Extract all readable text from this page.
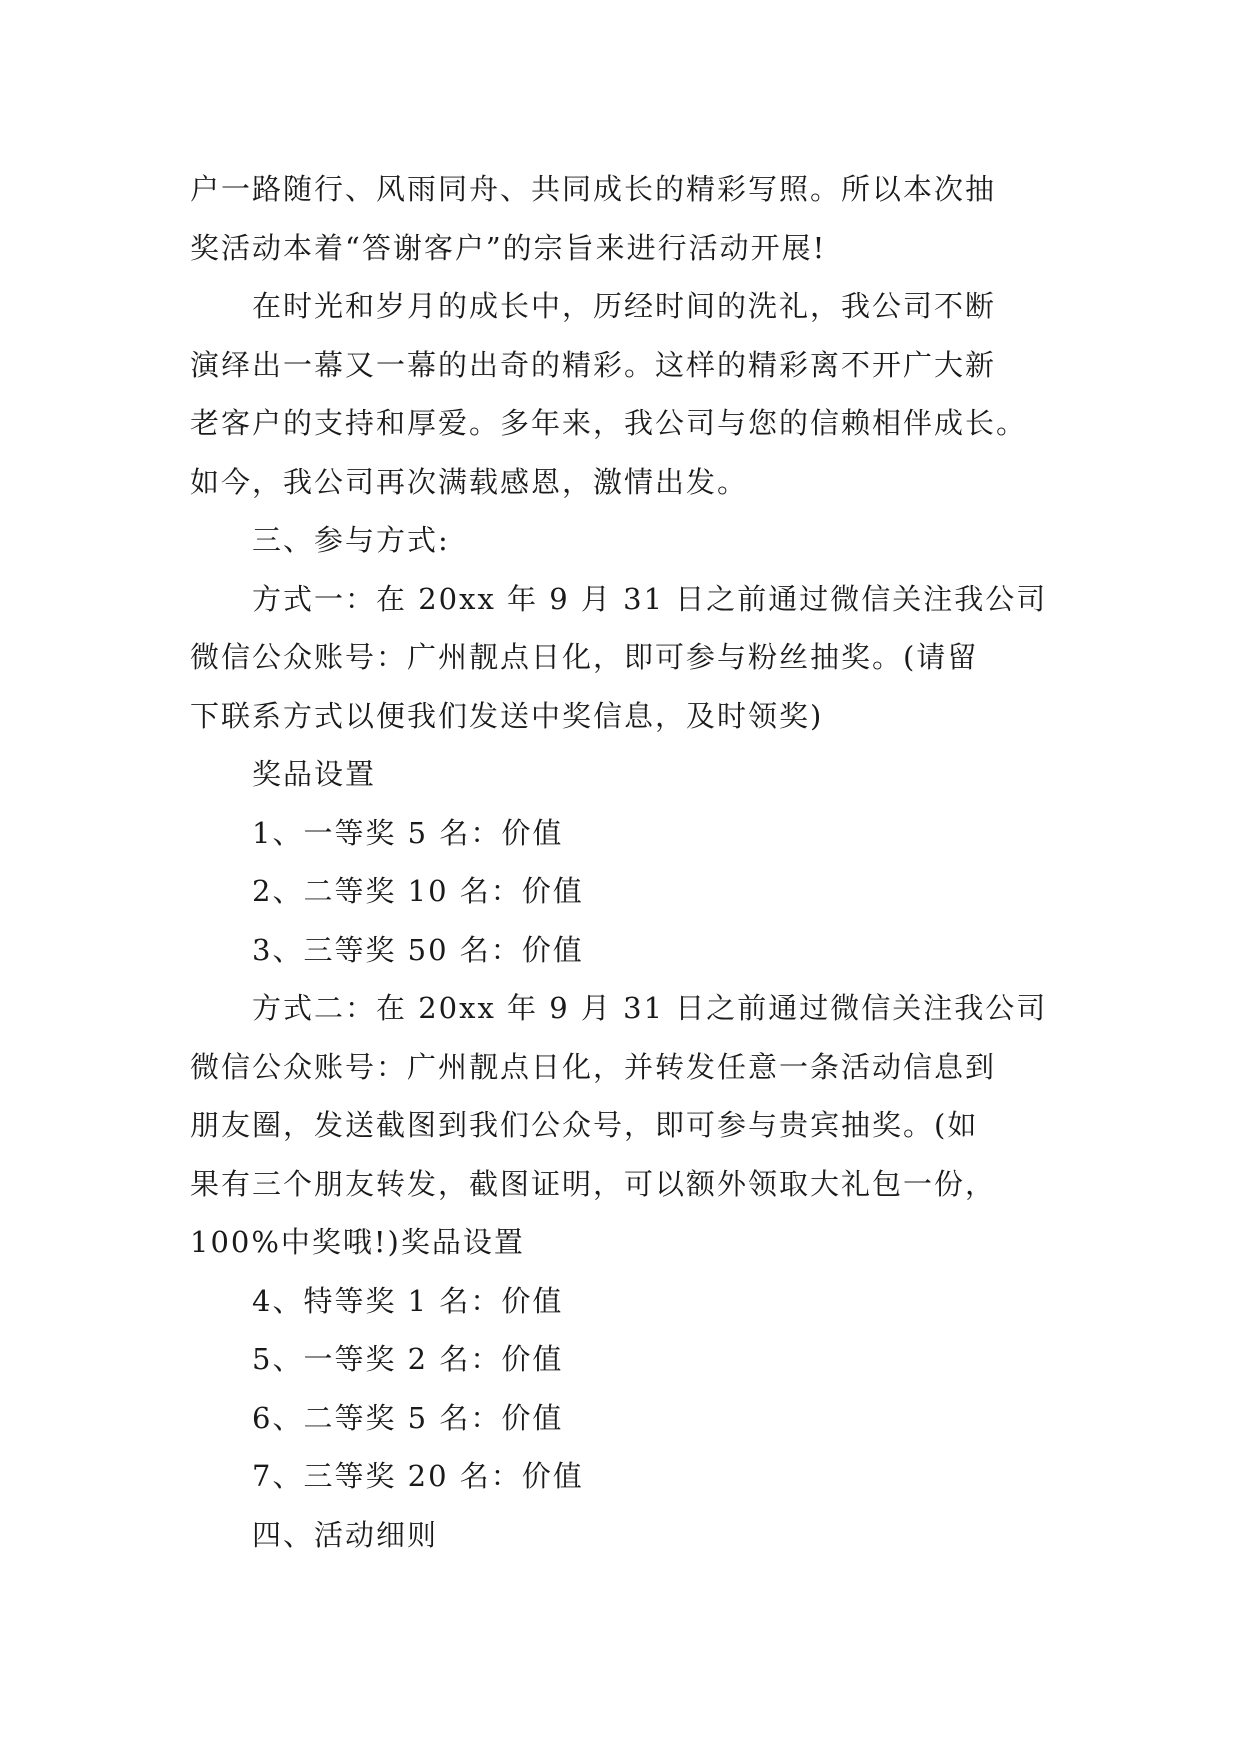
户一路随行、风雨同舟、共同成长的精彩写照。所以本次抽
奖活动本着“答谢客户”的宗旨来进行活动开展!

在时光和岁月的成长中，历经时间的洗礼，我公司不断
演绎出一幕又一幕的出奇的精彩。这样的精彩离不开广大新
老客户的支持和厚爱。多年来，我公司与您的信赖相伴成长。
如今，我公司再次满载感恩，激情出发。

三、参与方式:

方式一：在 20xx 年 9 月 31 日之前通过微信关注我公司
微信公众账号：广州靓点日化，即可参与粉丝抽奖。(请留
下联系方式以便我们发送中奖信息，及时领奖)

奖品设置

1、一等奖 5 名：价值

2、二等奖 10 名：价值

3、三等奖 50 名：价值

方式二：在 20xx 年 9 月 31 日之前通过微信关注我公司
微信公众账号：广州靓点日化，并转发任意一条活动信息到
朋友圈，发送截图到我们公众号，即可参与贵宾抽奖。(如
果有三个朋友转发，截图证明，可以额外领取大礼包一份，
100%中奖哦!)奖品设置

4、特等奖 1 名：价值

5、一等奖 2 名：价值

6、二等奖 5 名：价值

7、三等奖 20 名：价值

四、活动细则
